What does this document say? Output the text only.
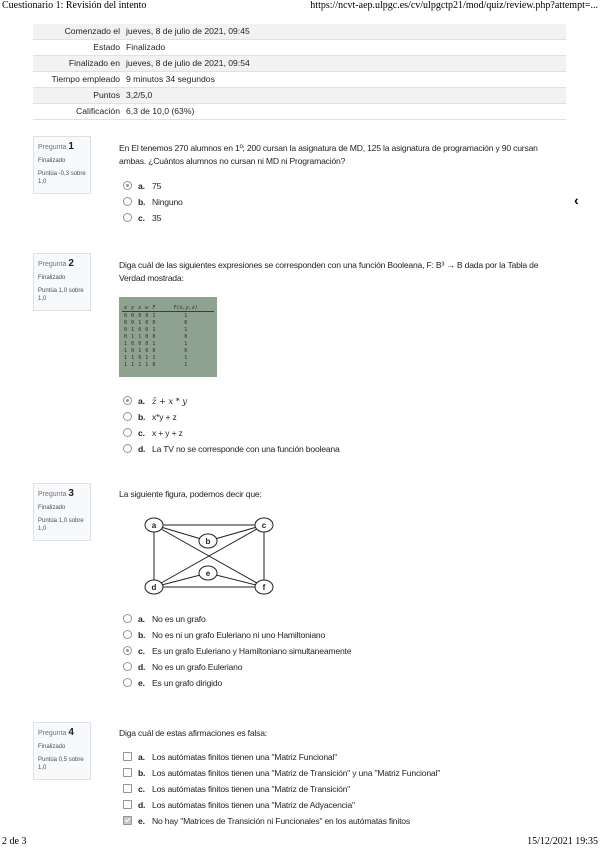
Cuestionario 1: Revisión del intento	https://ncvt-aep.ulpgc.es/cv/ulpgctp21/mod/quiz/review.php?attempt=...
Comenzado el	jueves, 8 de julio de 2021, 09:45
Estado	Finalizado
Finalizado en	jueves, 8 de julio de 2021, 09:54
Tiempo empleado	9 minutos 34 segundos
Puntos	3,2/5,0
Calificación	6,3 de 10,0 (63%)
‹
Pregunta 1
Finalizado
Puntúa -0,3 sobre 1,0
En El tenemos 270 alumnos en 1º; 200 cursan la asignatura de MD, 125 la asignatura de programación y 90 cursan ambas. ¿Cuántos alumnos no cursan ni MD ni Programación?
a. 75
b. Ninguno
c. 35
Pregunta 2
Finalizado
Puntúa 1,0 sobre 1,0
Diga cuál de las siguientes expresiones se corresponden con una función Booleana, F: B³ → B dada por la Tabla de Verdad mostrada:
x	y	z	w	F	F(x,y,z)
0	0	0	0	1	1
0	0	1	0	0	0
0	1	0	0	1	1
0	1	1	0	0	0
1	0	0	0	1	1
1	0	1	0	0	0
1	1	0	1	1	1
1	1	1	1	0	1
a. z̄ + x * y
b. x*y + z
c. x + y + z
d. La TV no se corresponde con una función booleana
Pregunta 3
Finalizado
Puntúa 1,0 sobre 1,0
La siguiente figura, podemos decir que:
a
b
c
d
e
f
a. No es un grafo
b. No es ni un grafo Euleriano ni uno Hamiltoniano
c. Es un grafo Euleriano y Hamiltoniano simultaneamente
d. No es un grafo Euleriano
e. Es un grafo dirigido
Pregunta 4
Finalizado
Puntúa 0,5 sobre 1,0
Diga cuál de estas afirmaciones es falsa:
a. Los autómatas finitos tienen una "Matriz Funcional"
b. Los autómatas finitos tienen una "Matriz de Transición" y una "Matriz Funcional"
c. Los autómatas finitos tienen una "Matriz de Transición"
d. Los autómatas finitos tienen una "Matriz de Adyacencia"
e. No hay "Matrices de Transición ni Funcionales" en los autómatas finitos
2 de 3	15/12/2021 19:35
